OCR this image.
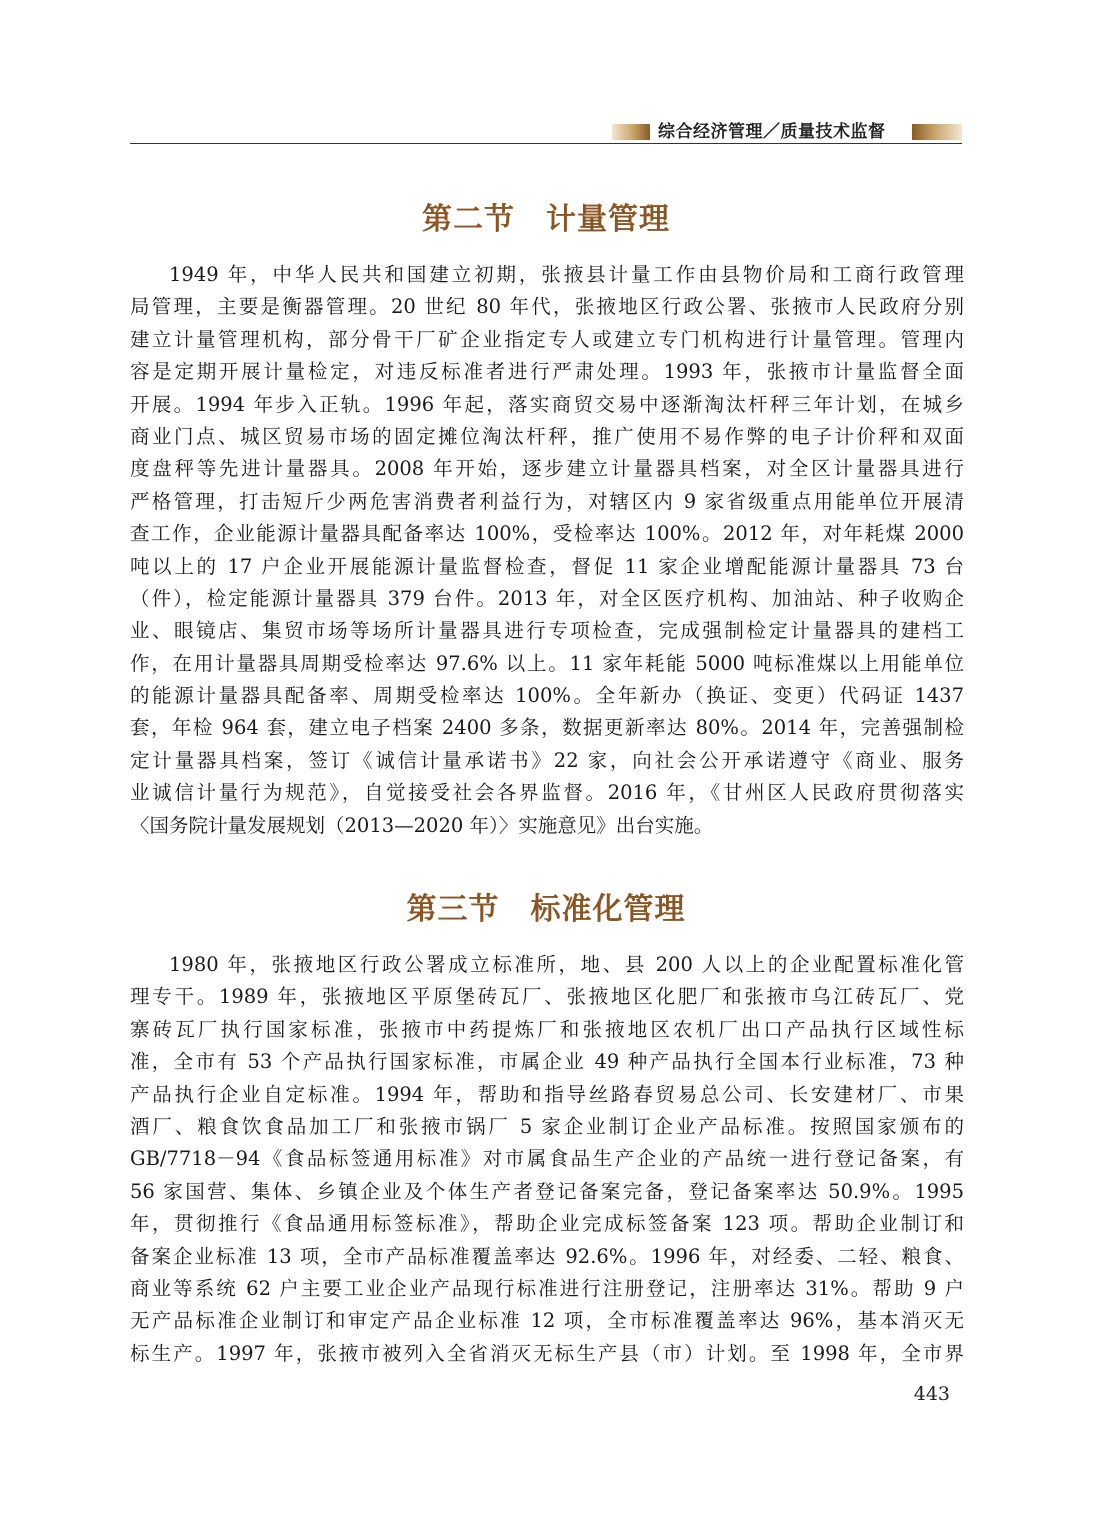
综合经济管理／质量技术监督
第二节　计量管理
1949 年，中华人民共和国建立初期，张掖县计量工作由县物价局和工商行政管理
局管理，主要是衡器管理。20 世纪 80 年代，张掖地区行政公署、张掖市人民政府分别
建立计量管理机构，部分骨干厂矿企业指定专人或建立专门机构进行计量管理。管理内
容是定期开展计量检定，对违反标准者进行严肃处理。1993 年，张掖市计量监督全面
开展。1994 年步入正轨。1996 年起，落实商贸交易中逐渐淘汰杆秤三年计划，在城乡
商业门点、城区贸易市场的固定摊位淘汰杆秤，推广使用不易作弊的电子计价秤和双面
度盘秤等先进计量器具。2008 年开始，逐步建立计量器具档案，对全区计量器具进行
严格管理，打击短斤少两危害消费者利益行为，对辖区内 9 家省级重点用能单位开展清
查工作，企业能源计量器具配备率达 100%，受检率达 100%。2012 年，对年耗煤 2000
吨以上的 17 户企业开展能源计量监督检查，督促 11 家企业增配能源计量器具 73 台
（件），检定能源计量器具 379 台件。2013 年，对全区医疗机构、加油站、种子收购企
业、眼镜店、集贸市场等场所计量器具进行专项检查，完成强制检定计量器具的建档工
作，在用计量器具周期受检率达 97.6% 以上。11 家年耗能 5000 吨标准煤以上用能单位
的能源计量器具配备率、周期受检率达 100%。全年新办（换证、变更）代码证 1437
套，年检 964 套，建立电子档案 2400 多条，数据更新率达 80%。2014 年，完善强制检
定计量器具档案，签订《诚信计量承诺书》22 家，向社会公开承诺遵守《商业、服务
业诚信计量行为规范》，自觉接受社会各界监督。2016 年，《甘州区人民政府贯彻落实
〈国务院计量发展规划（2013—2020 年）〉实施意见》出台实施。
第三节　标准化管理
1980 年，张掖地区行政公署成立标准所，地、县 200 人以上的企业配置标准化管
理专干。1989 年，张掖地区平原堡砖瓦厂、张掖地区化肥厂和张掖市乌江砖瓦厂、党
寨砖瓦厂执行国家标准，张掖市中药提炼厂和张掖地区农机厂出口产品执行区域性标
准，全市有 53 个产品执行国家标准，市属企业 49 种产品执行全国本行业标准，73 种
产品执行企业自定标准。1994 年，帮助和指导丝路春贸易总公司、长安建材厂、市果
酒厂、粮食饮食品加工厂和张掖市锅厂 5 家企业制订企业产品标准。按照国家颁布的
GB/7718－94《食品标签通用标准》对市属食品生产企业的产品统一进行登记备案，有
56 家国营、集体、乡镇企业及个体生产者登记备案完备，登记备案率达 50.9%。1995
年，贯彻推行《食品通用标签标准》，帮助企业完成标签备案 123 项。帮助企业制订和
备案企业标准 13 项，全市产品标准覆盖率达 92.6%。1996 年，对经委、二轻、粮食、
商业等系统 62 户主要工业企业产品现行标准进行注册登记，注册率达 31%。帮助 9 户
无产品标准企业制订和审定产品企业标准 12 项，全市标准覆盖率达 96%，基本消灭无
标生产。1997 年，张掖市被列入全省消灭无标生产县（市）计划。至 1998 年，全市界
443
